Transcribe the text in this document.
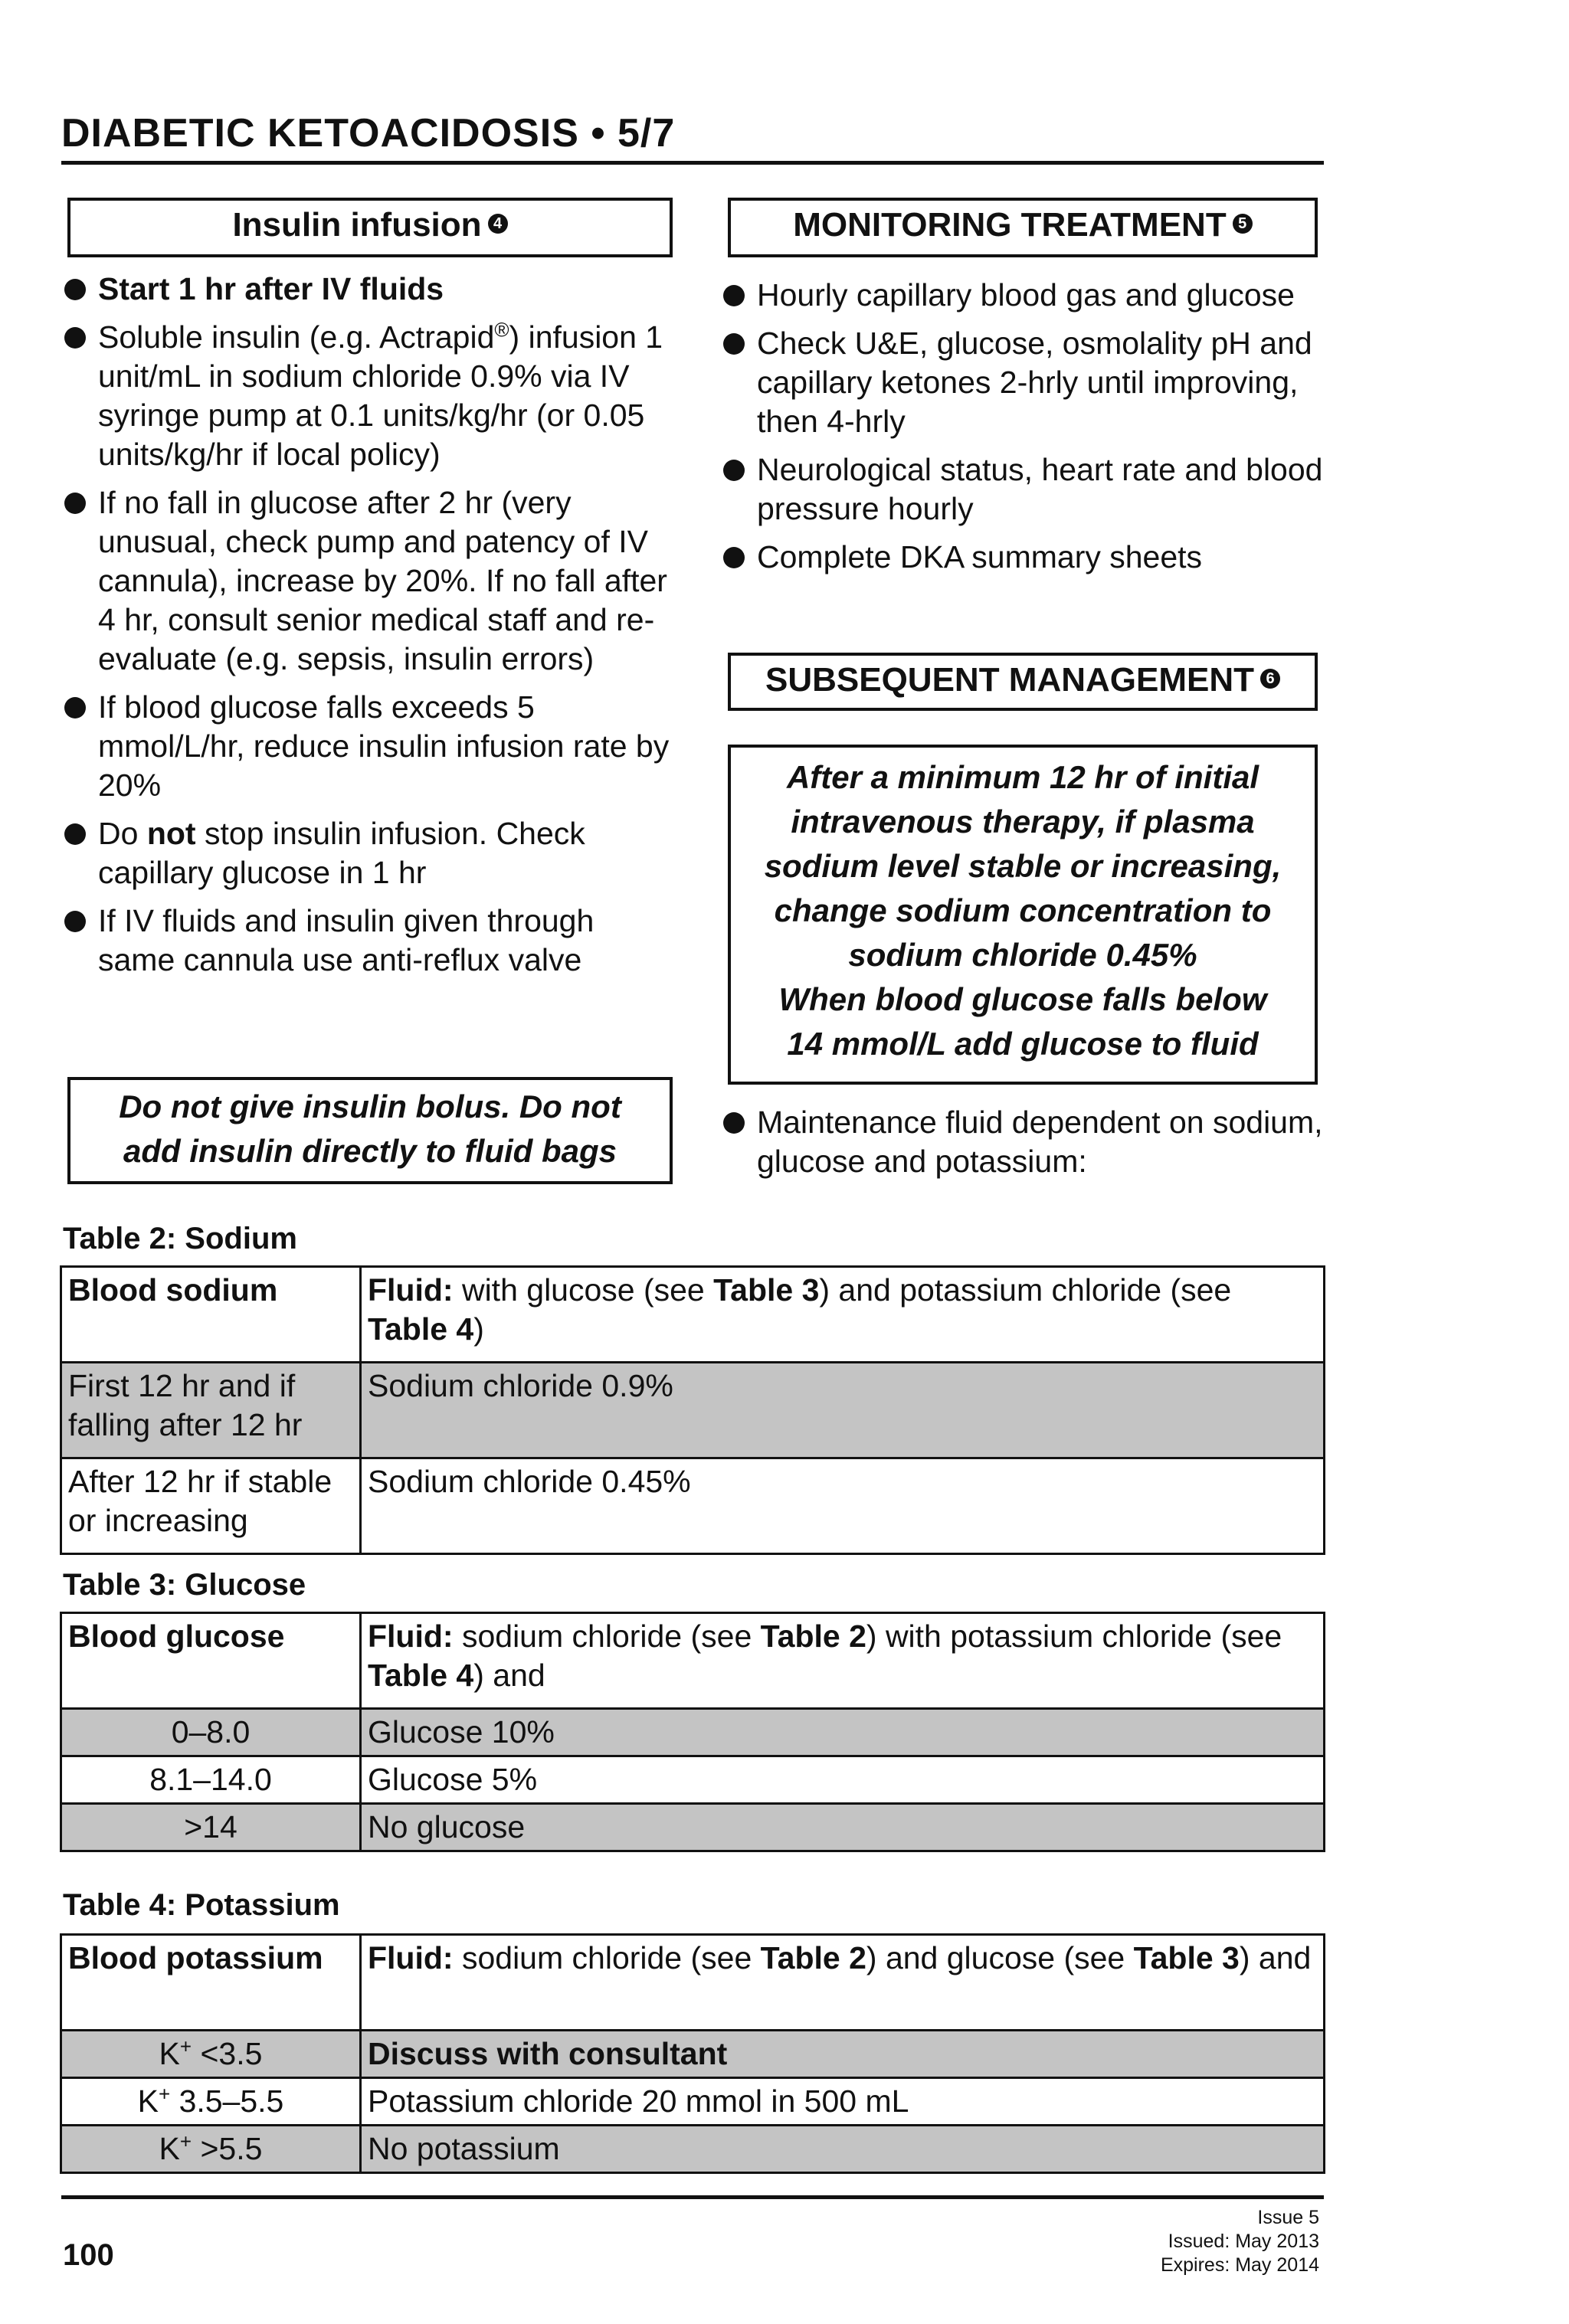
DIABETIC KETOACIDOSIS • 5/7
Insulin infusion 4
Start 1 hr after IV fluids
Soluble insulin (e.g. Actrapid®) infusion 1 unit/mL in sodium chloride 0.9% via IV syringe pump at 0.1 units/kg/hr (or 0.05 units/kg/hr if local policy)
If no fall in glucose after 2 hr (very unusual, check pump and patency of IV cannula), increase by 20%. If no fall after 4 hr, consult senior medical staff and re-evaluate (e.g. sepsis, insulin errors)
If blood glucose falls exceeds 5 mmol/L/hr, reduce insulin infusion rate by 20%
Do not stop insulin infusion. Check capillary glucose in 1 hr
If IV fluids and insulin given through same cannula use anti-reflux valve
Do not give insulin bolus. Do not
add insulin directly to fluid bags
MONITORING TREATMENT 5
Hourly capillary blood gas and glucose
Check U&E, glucose, osmolality pH and capillary ketones 2-hrly until improving, then 4-hrly
Neurological status, heart rate and blood pressure hourly
Complete DKA summary sheets
SUBSEQUENT MANAGEMENT 6
After a minimum 12 hr of initial
intravenous therapy, if plasma
sodium level stable or increasing,
change sodium concentration to
sodium chloride 0.45%
When blood glucose falls below
14 mmol/L add glucose to fluid
Maintenance fluid dependent on sodium, glucose and potassium:
Table 2: Sodium
Blood sodium	Fluid: with glucose (see Table 3) and potassium chloride (see Table 4)
First 12 hr and if falling after 12 hr	Sodium chloride 0.9%
After 12 hr if stable or increasing	Sodium chloride 0.45%
Table 3: Glucose
Blood glucose	Fluid: sodium chloride (see Table 2) with potassium chloride (see Table 4) and
0–8.0	Glucose 10%
8.1–14.0	Glucose 5%
>14	No glucose
Table 4: Potassium
Blood potassium	Fluid: sodium chloride (see Table 2) and glucose (see Table 3) and
K+ <3.5	Discuss with consultant
K+ 3.5–5.5	Potassium chloride 20 mmol in 500 mL
K+ >5.5	No potassium
100
Issue 5
Issued: May 2013
Expires: May 2014
